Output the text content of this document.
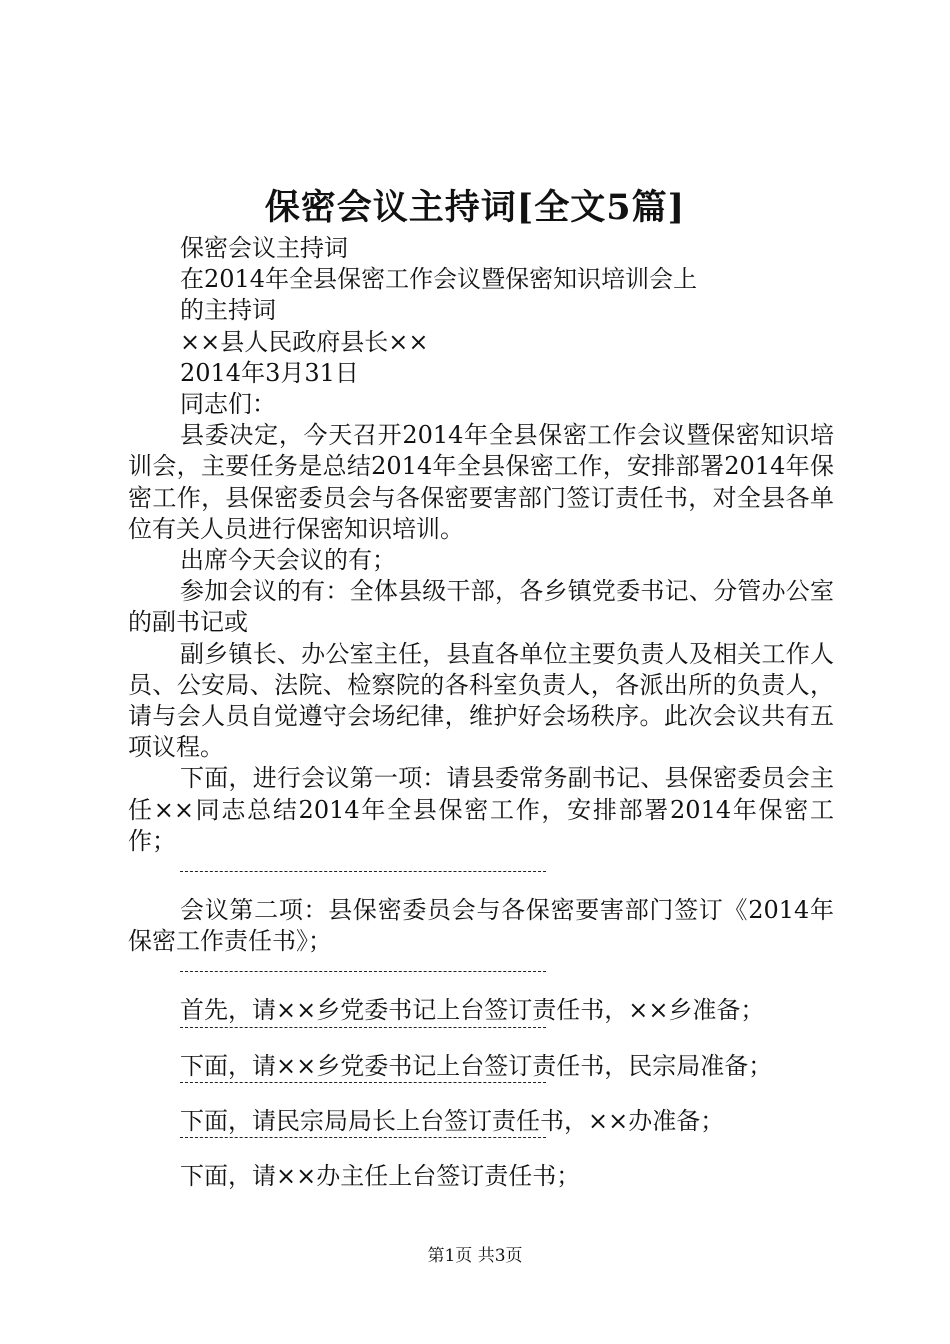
保密会议主持词[全文5篇]

保密会议主持词

在2014年全县保密工作会议暨保密知识培训会上

的主持词

××县人民政府县长××

2014年3月31日

同志们：

县委决定，今天召开2014年全县保密工作会议暨保密知识培训会，主要任务是总结2014年全县保密工作，安排部署2014年保密工作，县保密委员会与各保密要害部门签订责任书，对全县各单位有关人员进行保密知识培训。

出席今天会议的有；

参加会议的有：全体县级干部，各乡镇党委书记、分管办公室的副书记或

副乡镇长、办公室主任，县直各单位主要负责人及相关工作人员、公安局、法院、检察院的各科室负责人，各派出所的负责人，请与会人员自觉遵守会场纪律，维护好会场秩序。此次会议共有五项议程。

下面，进行会议第一项：请县委常务副书记、县保密委员会主任××同志总结2014年全县保密工作，安排部署2014年保密工作；

会议第二项：县保密委员会与各保密要害部门签订《2014年保密工作责任书》；

首先，请××乡党委书记上台签订责任书，××乡准备；

下面，请××乡党委书记上台签订责任书，民宗局准备；

下面，请民宗局局长上台签订责任书，××办准备；

下面，请××办主任上台签订责任书；

第1页 共3页
